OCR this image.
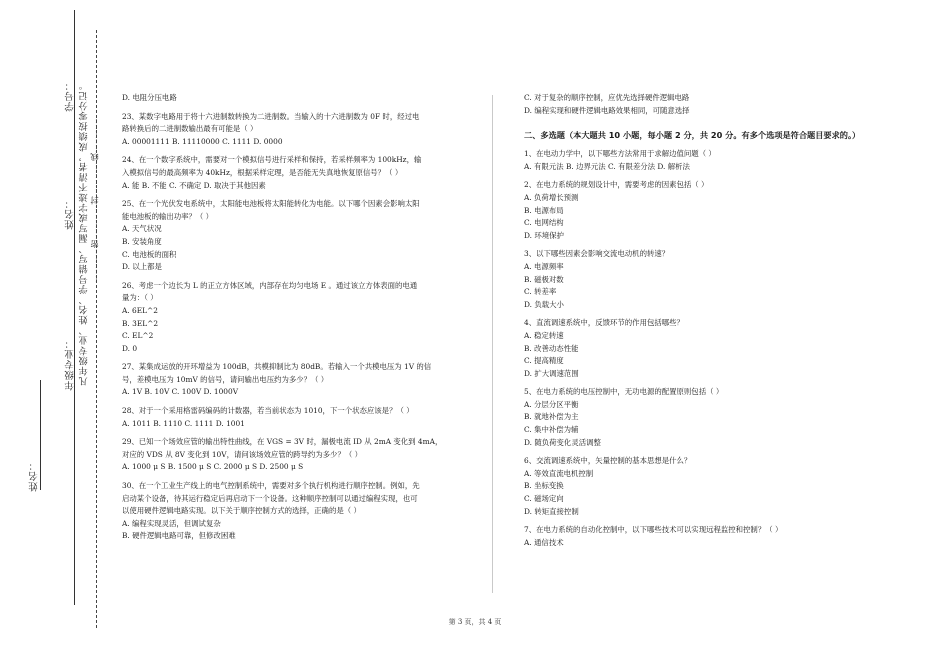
学号：
姓名：
年级专业：
姓名：
凡年级专业、姓名、学号错写、漏写或字迹不清者，成绩按零分记。 …………密…………封…………线…………

D. 电阻分压电路

23、某数字电路用于将十六进制数转换为二进制数。当输入的十六进制数为 0F 时，经过电

路转换后的二进制数输出最有可能是（ ）

A. 00001111 B. 11110000 C. 1111 D. 0000

24、在一个数字系统中，需要对一个模拟信号进行采样和保持，若采样频率为 100kHz，输

入模拟信号的最高频率为 40kHz，根据采样定理，是否能无失真地恢复原信号？（ ）

A. 能 B. 不能 C. 不确定 D. 取决于其他因素

25、在一个光伏发电系统中，太阳能电池板将太阳能转化为电能。以下哪个因素会影响太阳

能电池板的输出功率？（ ）

A. 天气状况

B. 安装角度

C. 电池板的面积

D. 以上都是

26、考虑一个边长为 L 的正立方体区域，内部存在均匀电场 E 。通过该立方体表面的电通

量为：（ ）

A. 6EL^2

B. 3EL^2

C. EL^2

D. 0

27、某集成运放的开环增益为 100dB，共模抑制比为 80dB。若输入一个共模电压为 1V 的信

号，差模电压为 10mV 的信号，请问输出电压约为多少？（ ）

A. 1V B. 10V C. 100V D. 1000V

28、对于一个采用格雷码编码的计数器，若当前状态为 1010，下一个状态应该是？（ ）

A. 1011 B. 1110 C. 1111 D. 1001

29、已知一个场效应管的输出特性曲线，在 VGS = 3V 时，漏极电流 ID 从 2mA 变化到 4mA，

对应的 VDS 从 8V 变化到 10V，请问该场效应管的跨导约为多少？（ ）

A. 1000 μ S B. 1500 μ S C. 2000 μ S D. 2500 μ S

30、在一个工业生产线上的电气控制系统中，需要对多个执行机构进行顺序控制。例如，先

启动某个设备，待其运行稳定后再启动下一个设备。这种顺序控制可以通过编程实现，也可

以使用硬件逻辑电路实现。以下关于顺序控制方式的选择，正确的是（ ）

A. 编程实现灵活，但调试复杂

B. 硬件逻辑电路可靠，但修改困难

C. 对于复杂的顺序控制，应优先选择硬件逻辑电路

D. 编程实现和硬件逻辑电路效果相同，可随意选择

二、多选题（本大题共 10 小题，每小题 2 分，共 20 分。有多个选项是符合题目要求的。）

1、在电动力学中，以下哪些方法常用于求解边值问题（ ）

A. 有限元法 B. 边界元法 C. 有限差分法 D. 解析法

2、在电力系统的规划设计中，需要考虑的因素包括（ ）

A. 负荷增长预测

B. 电源布局

C. 电网结构

D. 环境保护

3、以下哪些因素会影响交流电动机的转速？

A. 电源频率

B. 磁极对数

C. 转差率

D. 负载大小

4、直流调速系统中，反馈环节的作用包括哪些？

A. 稳定转速

B. 改善动态性能

C. 提高精度

D. 扩大调速范围

5、在电力系统的电压控制中，无功电源的配置原则包括（ ）

A. 分层分区平衡

B. 就地补偿为主

C. 集中补偿为辅

D. 随负荷变化灵活调整

6、交流调速系统中，矢量控制的基本思想是什么？

A. 等效直流电机控制

B. 坐标变换

C. 磁场定向

D. 转矩直接控制

7、在电力系统的自动化控制中，以下哪些技术可以实现远程监控和控制？（ ）

A. 通信技术

第 3 页，共 4 页
